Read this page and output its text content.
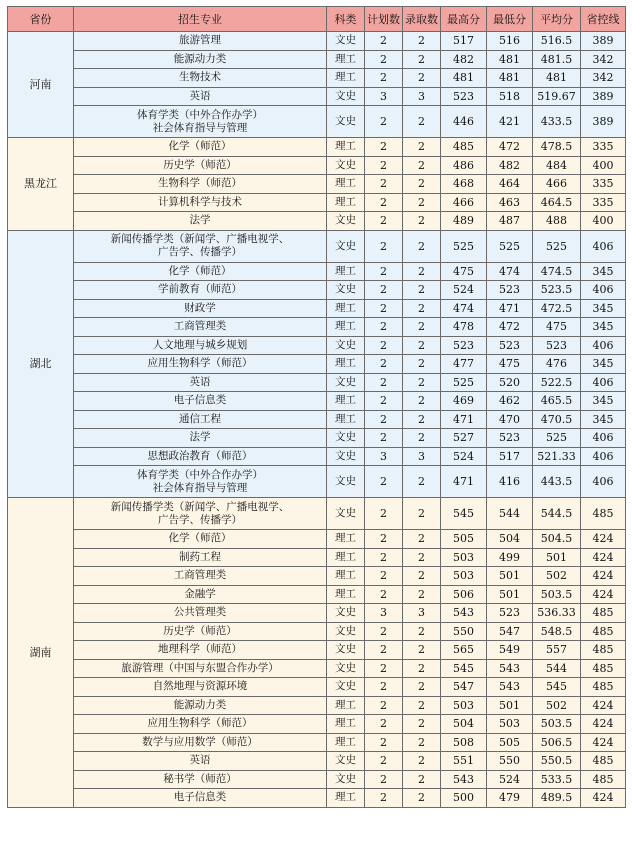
省份	招生专业	科类	计划数	录取数	最高分	最低分	平均分	省控线
河南	旅游管理	文史	2	2	517	516	516.5	389

	能源动力类	理工	2	2	482	481	481.5	342

	生物技术	理工	2	2	481	481	481	342

	英语	文史	3	3	523	518	519.67	389

	体育学类（中外合作办学）
社会体育指导与管理	文史	2	2	446	421	433.5	389
黑龙江	化学（师范）	理工	2	2	485	472	478.5	335

	历史学（师范）	文史	2	2	486	482	484	400

	生物科学（师范）	理工	2	2	468	464	466	335

	计算机科学与技术	理工	2	2	466	463	464.5	335

	法学	文史	2	2	489	487	488	400
湖北	新闻传播学类（新闻学、广播电视学、
广告学、传播学）	文史	2	2	525	525	525	406

	化学（师范）	理工	2	2	475	474	474.5	345

	学前教育（师范）	文史	2	2	524	523	523.5	406

	财政学	理工	2	2	474	471	472.5	345

	工商管理类	理工	2	2	478	472	475	345

	人文地理与城乡规划	文史	2	2	523	523	523	406

	应用生物科学（师范）	理工	2	2	477	475	476	345

	英语	文史	2	2	525	520	522.5	406

	电子信息类	理工	2	2	469	462	465.5	345

	通信工程	理工	2	2	471	470	470.5	345

	法学	文史	2	2	527	523	525	406

	思想政治教育（师范）	文史	3	3	524	517	521.33	406

	体育学类（中外合作办学）
社会体育指导与管理	文史	2	2	471	416	443.5	406
湖南	新闻传播学类（新闻学、广播电视学、
广告学、传播学）	文史	2	2	545	544	544.5	485

	化学（师范）	理工	2	2	505	504	504.5	424

	制药工程	理工	2	2	503	499	501	424

	工商管理类	理工	2	2	503	501	502	424

	金融学	理工	2	2	506	501	503.5	424

	公共管理类	文史	3	3	543	523	536.33	485

	历史学（师范）	文史	2	2	550	547	548.5	485

	地理科学（师范）	文史	2	2	565	549	557	485

	旅游管理（中国与东盟合作办学）	文史	2	2	545	543	544	485

	自然地理与资源环境	文史	2	2	547	543	545	485

	能源动力类	理工	2	2	503	501	502	424

	应用生物科学（师范）	理工	2	2	504	503	503.5	424

	数学与应用数学（师范）	理工	2	2	508	505	506.5	424

	英语	文史	2	2	551	550	550.5	485

	秘书学（师范）	文史	2	2	543	524	533.5	485

	电子信息类	理工	2	2	500	479	489.5	424
